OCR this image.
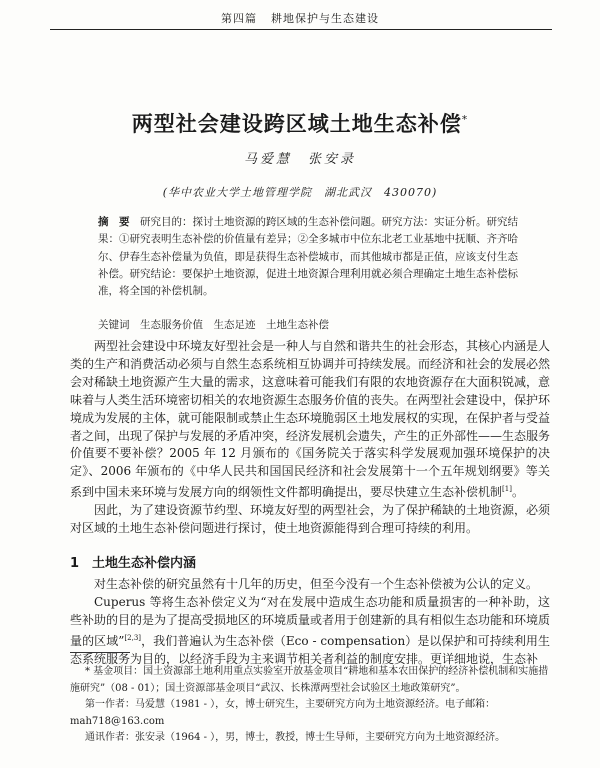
第四篇 耕地保护与生态建设
两型社会建设跨区域土地生态补偿*
马爱慧　张安录
(华中农业大学土地管理学院　湖北武汉　430070)
摘　要　 研究目的：探讨土地资源的跨区域的生态补偿问题。研究方法：实证分析。研究结果：①研究表明生态补偿的价值量有差异；②全多城市中位东北老工业基地中抚顺、齐齐哈尔、伊春生态补偿量为负值，即是获得生态补偿城市，而其他城市都是正值，应该支付生态补偿。研究结论：要保护土地资源，促进土地资源合理利用就必须合理确定土地生态补偿标准，将全国的补偿机制。
关键词　 生态服务价值　生态足迹　土地生态补偿

两型社会建设中环境友好型社会是一种人与自然和谐共生的社会形态，其核心内涵是人类的生产和消费活动必须与自然生态系统相互协调并可持续发展。而经济和社会的发展必然会对稀缺土地资源产生大量的需求，这意味着可能我们有限的农地资源存在大面积锐减，意味着与人类生活环境密切相关的农地资源生态服务价值的丧失。在两型社会建设中，保护环境成为发展的主体，就可能限制或禁止生态环境脆弱区土地发展权的实现，在保护者与受益者之间，出现了保护与发展的矛盾冲突，经济发展机会遗失，产生的正外部性——生态服务价值要不要补偿？2005 年 12 月颁布的《国务院关于落实科学发展观加强环境保护的决定》、2006 年颁布的《中华人民共和国国民经济和社会发展第十一个五年规划纲要》等关系到中国未来环境与发展方向的纲领性文件都明确提出，要尽快建立生态补偿机制[1]。

因此，为了建设资源节约型、环境友好型的两型社会，为了保护稀缺的土地资源，必须对区域的土地生态补偿问题进行探讨，使土地资源能得到合理可持续的利用。

1 土地生态补偿内涵

对生态补偿的研究虽然有十几年的历史，但至今没有一个生态补偿被为公认的定义。

Cuperus 等将生态补偿定义为“对在发展中造成生态功能和质量损害的一种补助，这些补助的目的是为了提高受损地区的环境质量或者用于创建新的具有相似生态功能和环境质量的区域”[2,3]，我们普遍认为生态补偿（Eco - compensation）是以保护和可持续利用生态系统服务为目的，以经济手段为主来调节相关者利益的制度安排。更详细地说，生态补

* 基金项目：国土资源部土地利用重点实验室开放基金项目“耕地和基本农田保护的经济补偿机制和实施措施研究”（08 - 01）；国土资源部基金项目“武汉、长株潭两型社会试验区土地政策研究”。

第一作者：马爱慧（1981 - ），女，博士研究生，主要研究方向为土地资源经济。电子邮箱：

mah718@163.com

通讯作者：张安录（1964 - ），男，博士，教授，博士生导师，主要研究方向为土地资源经济。
